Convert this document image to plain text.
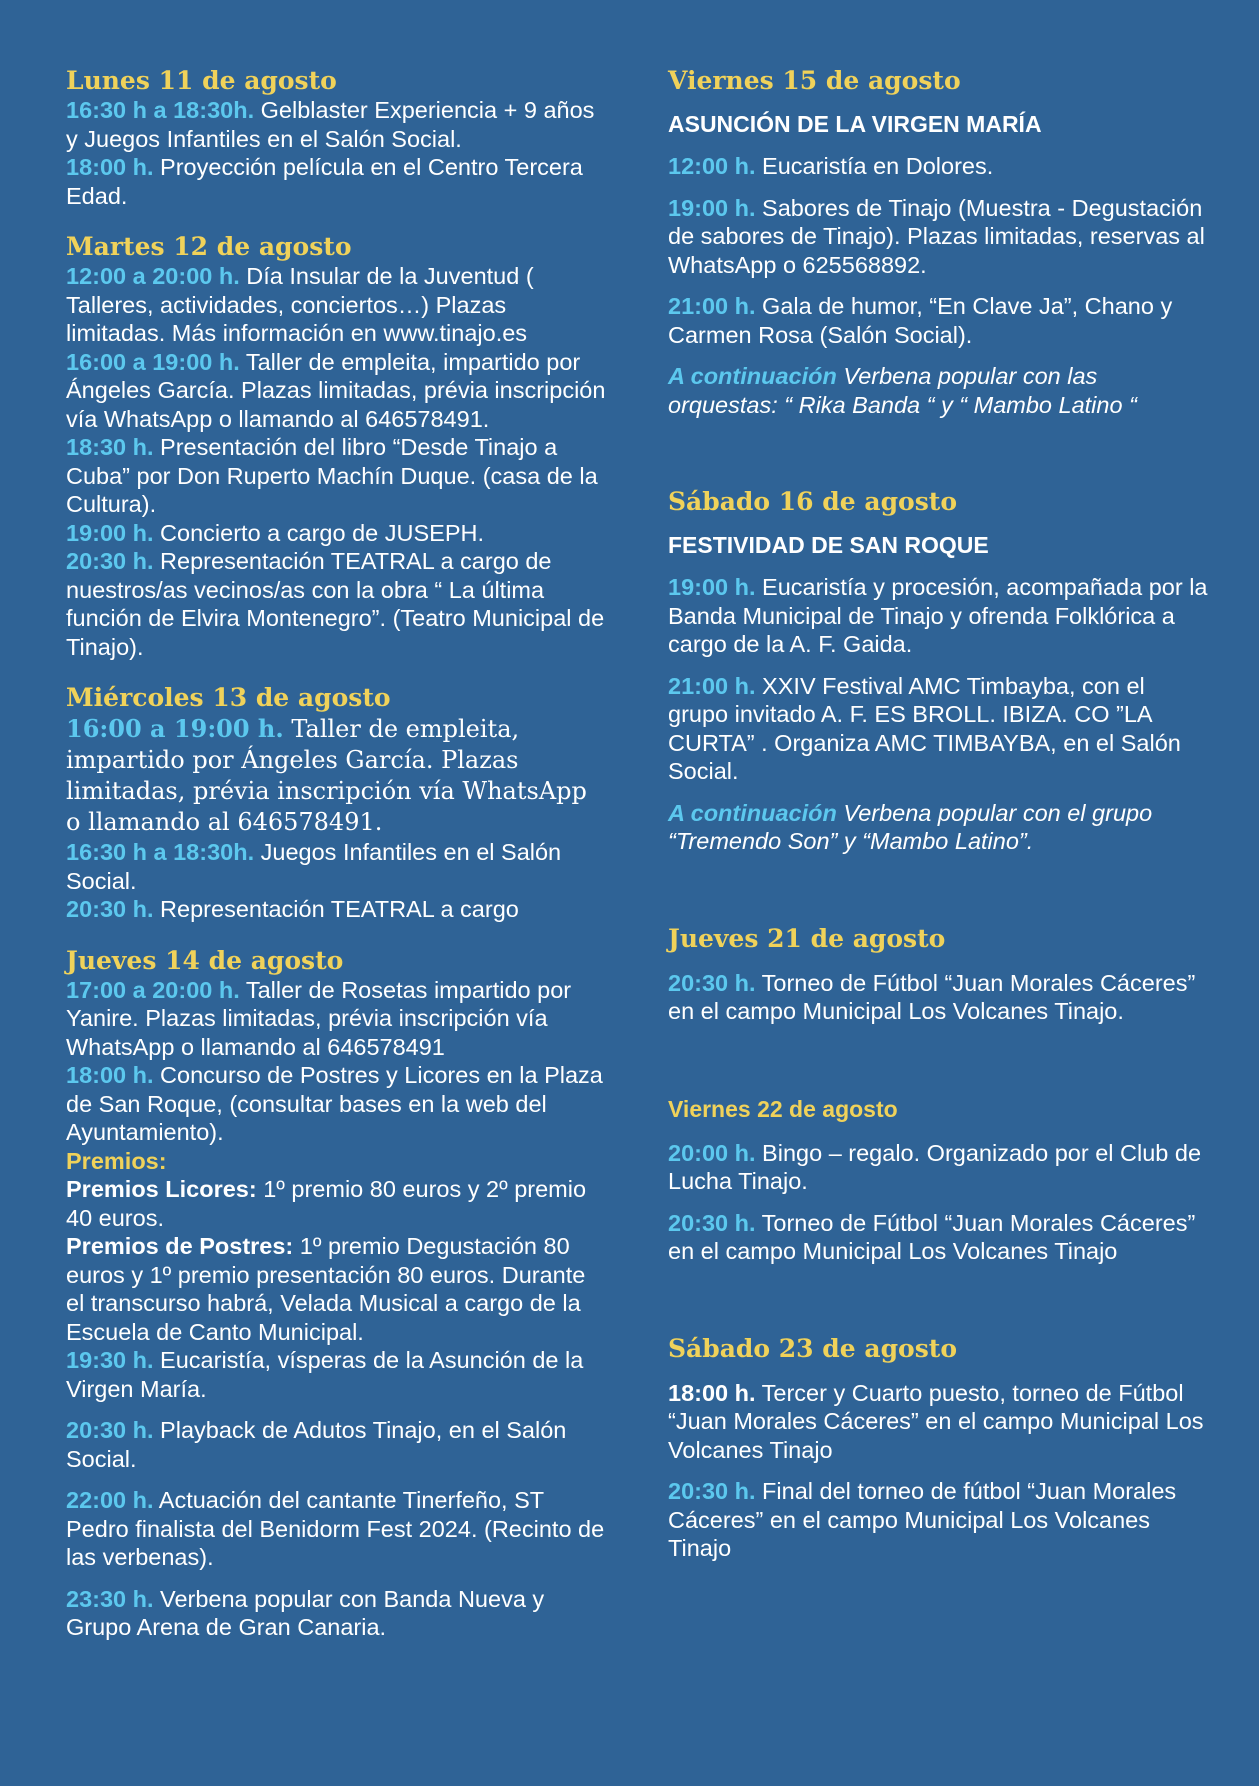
Lunes 11 de agosto

16:30 h a 18:30h. Gelblaster Experiencia + 9 años y Juegos Infantiles en el Salón Social.

18:00 h. Proyección película en el Centro Tercera Edad.

Martes 12 de agosto

12:00 a 20:00 h. Día Insular de la Juventud ( Talleres, actividades, conciertos…) Plazas limitadas. Más información en www.tinajo.es

16:00 a 19:00 h. Taller de empleita, impartido por Ángeles García. Plazas limitadas, prévia inscripción vía WhatsApp o llamando al 646578491.

18:30 h. Presentación del libro “Desde Tinajo a Cuba” por Don Ruperto Machín Duque. (casa de la Cultura).

19:00 h. Concierto a cargo de JUSEPH.

20:30 h. Representación TEATRAL a cargo de nuestros/as vecinos/as con la obra “ La última función de Elvira Montenegro”. (Teatro Municipal de Tinajo).

Miércoles 13 de agosto

16:00 a 19:00 h. Taller de empleita, impartido por Ángeles García. Plazas limitadas, prévia inscripción vía WhatsApp o llamando al 646578491.

16:30 h a 18:30h. Juegos Infantiles en el Salón Social.

20:30 h. Representación TEATRAL a cargo

Jueves 14 de agosto

17:00 a 20:00 h. Taller de Rosetas impartido por Yanire. Plazas limitadas, prévia inscripción vía WhatsApp o llamando al 646578491

18:00 h. Concurso de Postres y Licores en la Plaza de San Roque, (consultar bases en la web del Ayuntamiento).

Premios:

Premios Licores: 1º premio 80 euros y 2º premio 40 euros.

Premios de Postres: 1º premio Degustación 80 euros y 1º premio presentación 80 euros. Durante el transcurso habrá, Velada Musical a cargo de la Escuela de Canto Municipal.

19:30 h. Eucaristía, vísperas de la Asunción de la Virgen María.

20:30 h. Playback de Adutos Tinajo, en el Salón Social.

22:00 h. Actuación del cantante Tinerfeño, ST Pedro finalista del Benidorm Fest 2024. (Recinto de las verbenas).

23:30 h. Verbena popular con Banda Nueva y Grupo Arena de Gran Canaria.

Viernes 15 de agosto

ASUNCIÓN DE LA VIRGEN MARÍA

12:00 h. Eucaristía en Dolores.

19:00 h. Sabores de Tinajo (Muestra - Degustación de sabores de Tinajo). Plazas limitadas, reservas al WhatsApp o 625568892.

21:00 h. Gala de humor, “En Clave Ja”, Chano y Carmen Rosa (Salón Social).

A continuación Verbena popular con las orquestas: “ Rika Banda “ y “ Mambo Latino “

Sábado 16 de agosto

FESTIVIDAD DE SAN ROQUE

19:00 h. Eucaristía y procesión, acompañada por la Banda Municipal de Tinajo y ofrenda Folklórica a cargo de la A. F. Gaida.

21:00 h. XXIV Festival AMC Timbayba, con el grupo invitado A. F. ES BROLL. IBIZA. CO ”LA CURTA” . Organiza AMC TIMBAYBA, en el Salón Social.

A continuación Verbena popular con el grupo “Tremendo Son” y “Mambo Latino”.

Jueves 21 de agosto

20:30 h. Torneo de Fútbol “Juan Morales Cáceres” en el campo Municipal Los Volcanes Tinajo.

Viernes 22 de agosto

20:00 h. Bingo – regalo. Organizado por el Club de Lucha Tinajo.

20:30 h. Torneo de Fútbol “Juan Morales Cáceres” en el campo Municipal Los Volcanes Tinajo

Sábado 23 de agosto

18:00 h. Tercer y Cuarto puesto, torneo de Fútbol “Juan Morales Cáceres” en el campo Municipal Los Volcanes Tinajo

20:30 h. Final del torneo de fútbol “Juan Morales Cáceres” en el campo Municipal Los Volcanes Tinajo
